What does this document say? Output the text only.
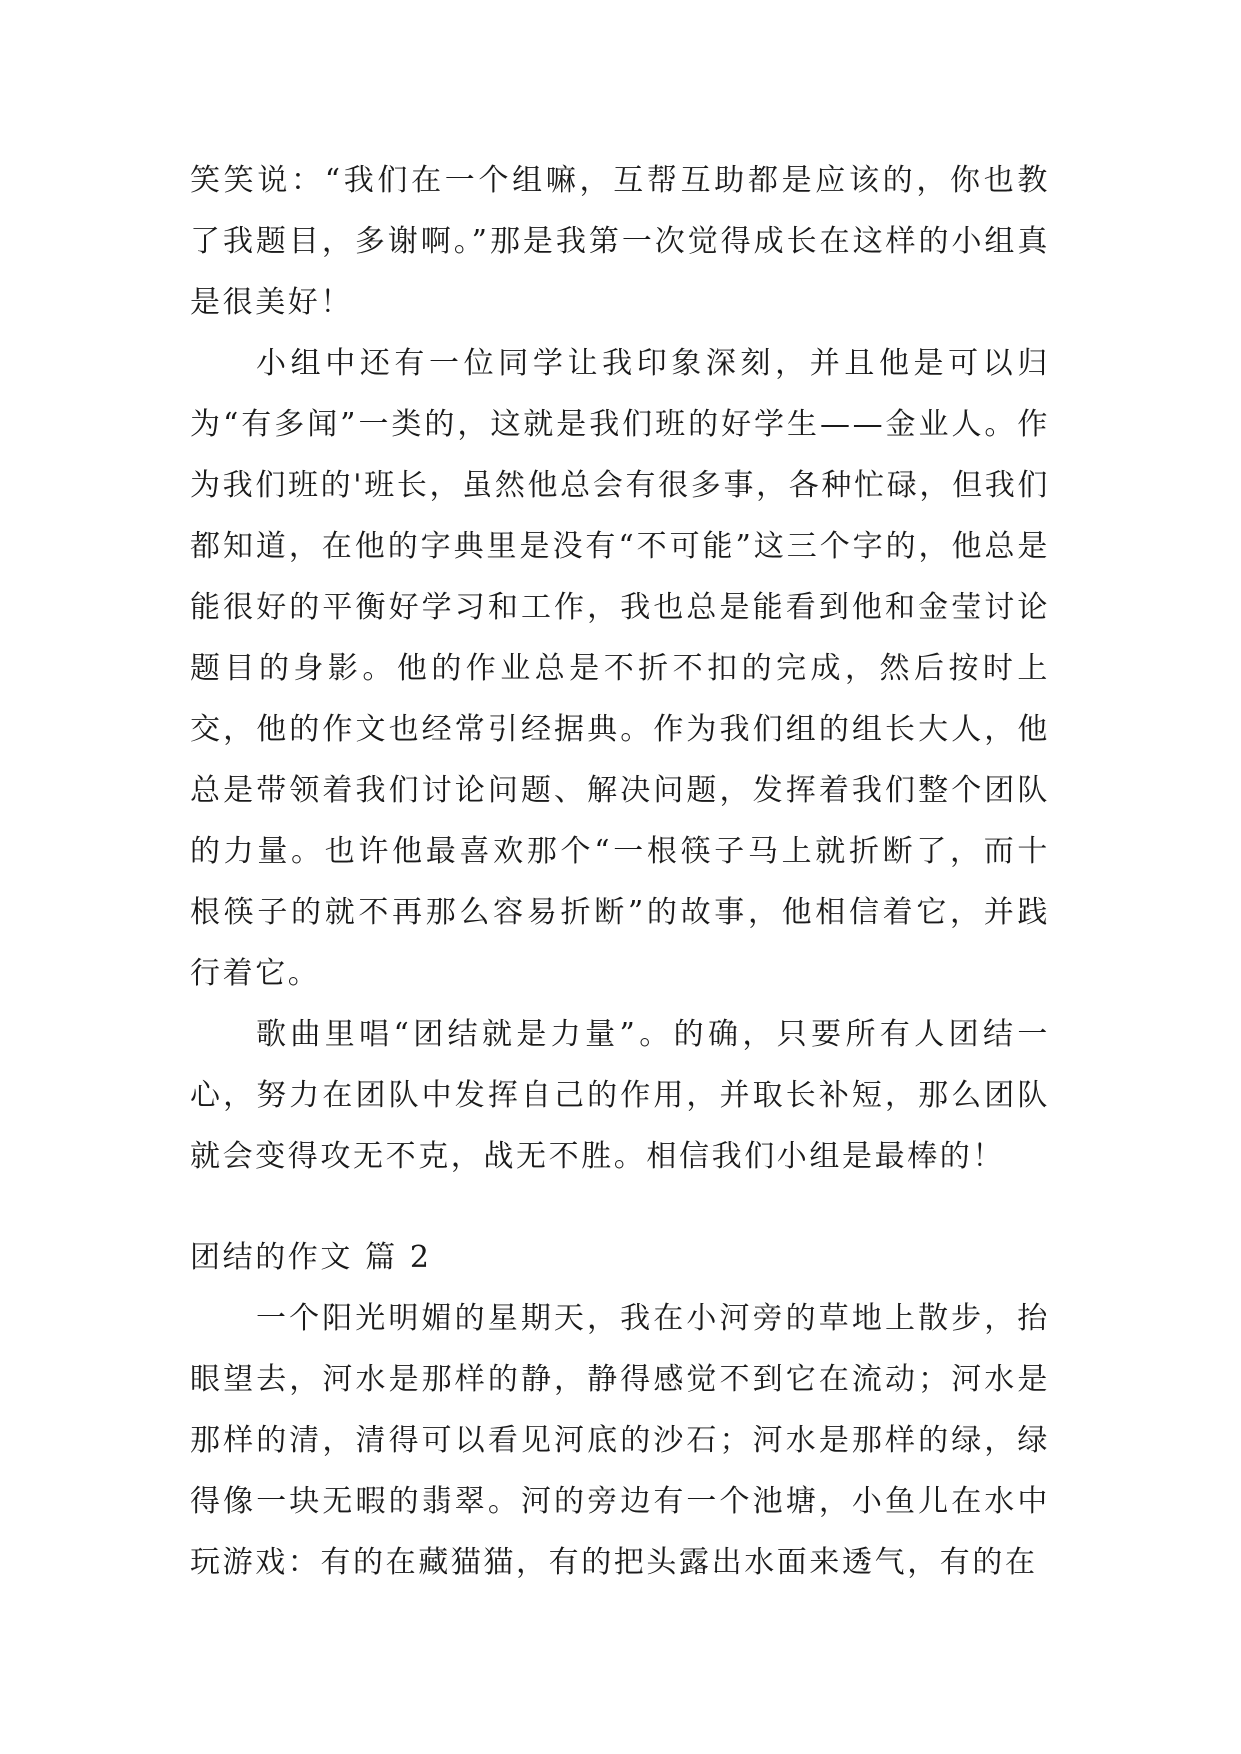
笑笑说：“我们在一个组嘛，互帮互助都是应该的，你也教了我题目，多谢啊。”那是我第一次觉得成长在这样的小组真是很美好！

小组中还有一位同学让我印象深刻，并且他是可以归为“有多闻”一类的，这就是我们班的好学生——金业人。作为我们班的'班长，虽然他总会有很多事，各种忙碌，但我们都知道，在他的字典里是没有“不可能”这三个字的，他总是能很好的平衡好学习和工作，我也总是能看到他和金莹讨论题目的身影。他的作业总是不折不扣的完成，然后按时上交，他的作文也经常引经据典。作为我们组的组长大人，他总是带领着我们讨论问题、解决问题，发挥着我们整个团队的力量。也许他最喜欢那个“一根筷子马上就折断了，而十根筷子的就不再那么容易折断”的故事，他相信着它，并践行着它。

歌曲里唱“团结就是力量”。的确，只要所有人团结一心，努力在团队中发挥自己的作用，并取长补短，那么团队就会变得攻无不克，战无不胜。相信我们小组是最棒的！

团结的作文 篇 2

一个阳光明媚的星期天，我在小河旁的草地上散步，抬眼望去，河水是那样的静，静得感觉不到它在流动；河水是那样的清，清得可以看见河底的沙石；河水是那样的绿，绿得像一块无暇的翡翠。河的旁边有一个池塘，小鱼儿在水中玩游戏：有的在藏猫猫，有的把头露出水面来透气，有的在
